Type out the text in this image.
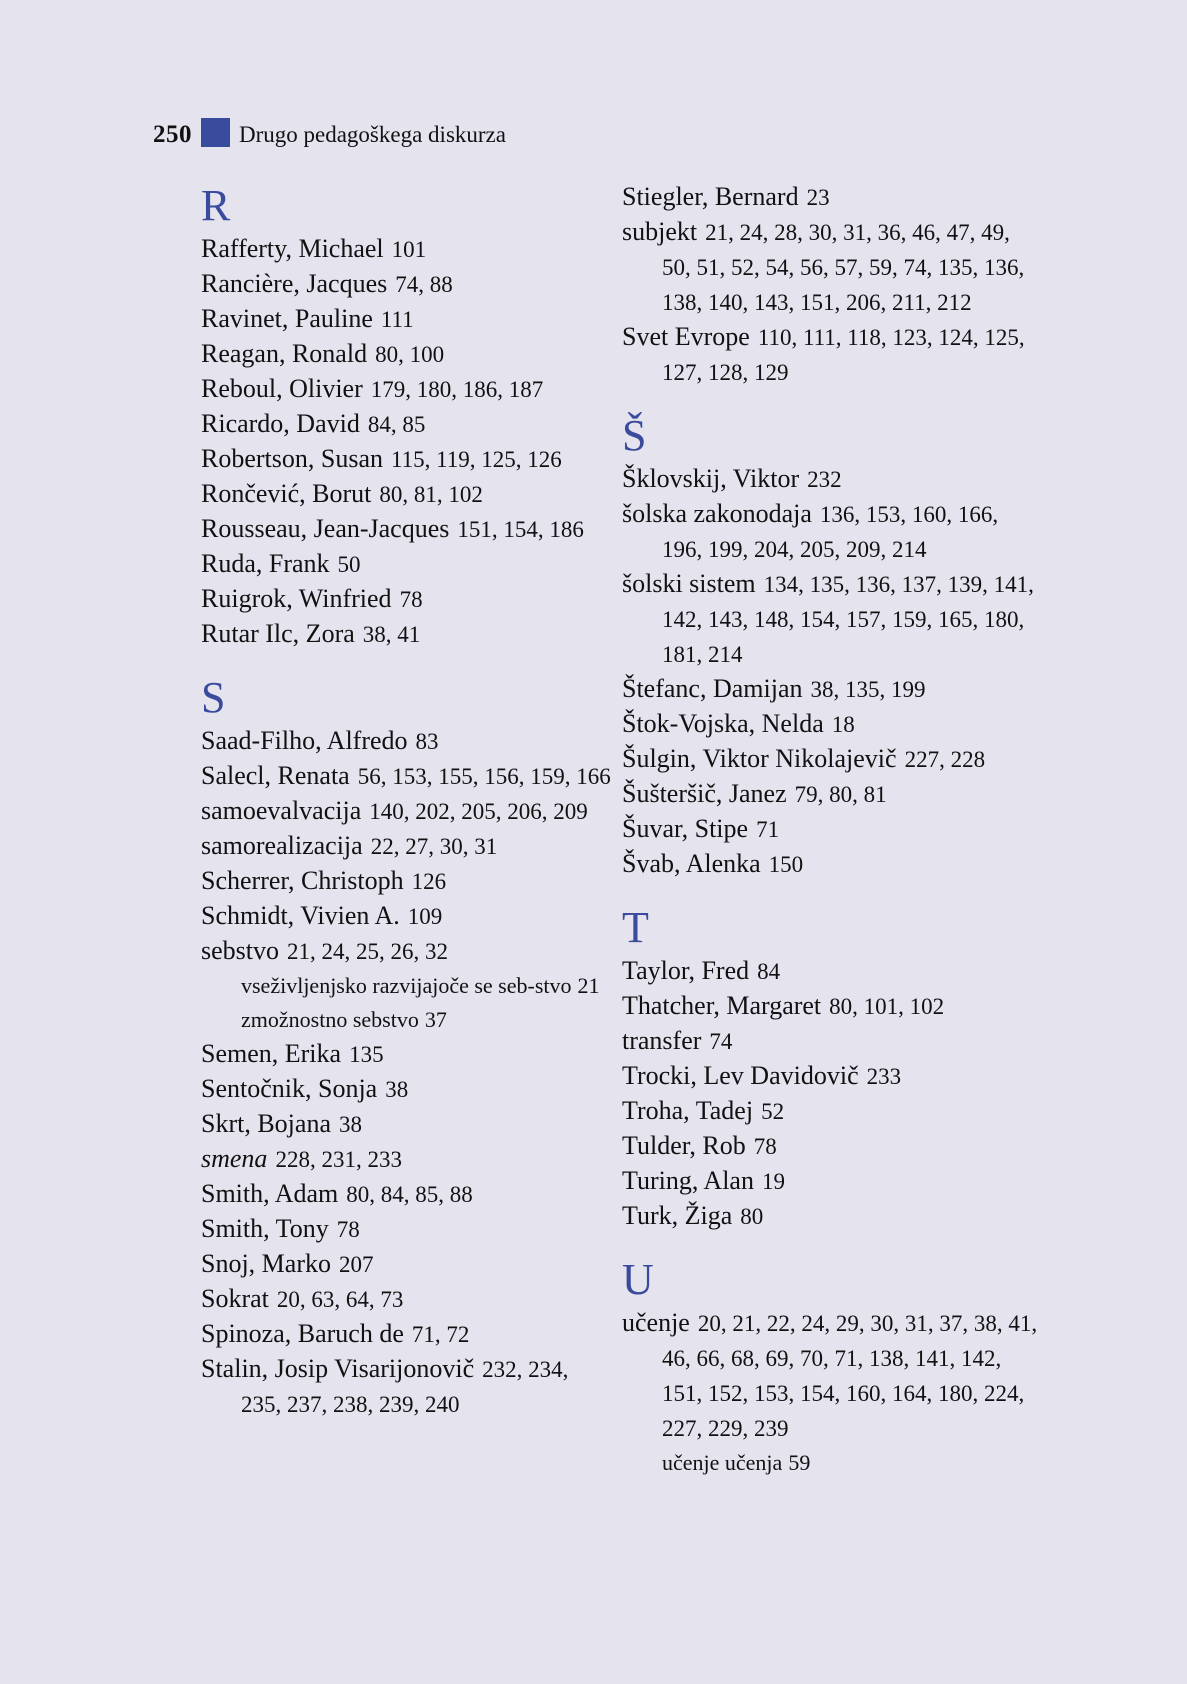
250 Drugo pedagoškega diskurza
R
Rafferty, Michael 101
Rancière, Jacques 74, 88
Ravinet, Pauline 111
Reagan, Ronald 80, 100
Reboul, Olivier 179, 180, 186, 187
Ricardo, David 84, 85
Robertson, Susan 115, 119, 125, 126
Rončević, Borut 80, 81, 102
Rousseau, Jean-Jacques 151, 154, 186
Ruda, Frank 50
Ruigrok, Winfried 78
Rutar Ilc, Zora 38, 41
S
Saad-Filho, Alfredo 83
Salecl, Renata 56, 153, 155, 156, 159, 166
samoevalvacija 140, 202, 205, 206, 209
samorealizacija 22, 27, 30, 31
Scherrer, Christoph 126
Schmidt, Vivien A. 109
sebstvo 21, 24, 25, 26, 32
vseživljenjsko razvijajoče se seb-stvo 21
zmožnostno sebstvo 37
Semen, Erika 135
Sentočnik, Sonja 38
Skrt, Bojana 38
smena 228, 231, 233
Smith, Adam 80, 84, 85, 88
Smith, Tony 78
Snoj, Marko 207
Sokrat 20, 63, 64, 73
Spinoza, Baruch de 71, 72
Stalin, Josip Visarijonovič 232, 234, 235, 237, 238, 239, 240
Stiegler, Bernard 23
subjekt 21, 24, 28, 30, 31, 36, 46, 47, 49, 50, 51, 52, 54, 56, 57, 59, 74, 135, 136, 138, 140, 143, 151, 206, 211, 212
Svet Evrope 110, 111, 118, 123, 124, 125, 127, 128, 129
Š
Šklovskij, Viktor 232
šolska zakonodaja 136, 153, 160, 166, 196, 199, 204, 205, 209, 214
šolski sistem 134, 135, 136, 137, 139, 141, 142, 143, 148, 154, 157, 159, 165, 180, 181, 214
Štefanc, Damijan 38, 135, 199
Štok-Vojska, Nelda 18
Šulgin, Viktor Nikolajevič 227, 228
Šušteršič, Janez 79, 80, 81
Šuvar, Stipe 71
Švab, Alenka 150
T
Taylor, Fred 84
Thatcher, Margaret 80, 101, 102
transfer 74
Trocki, Lev Davidovič 233
Troha, Tadej 52
Tulder, Rob 78
Turing, Alan 19
Turk, Žiga 80
U
učenje 20, 21, 22, 24, 29, 30, 31, 37, 38, 41, 46, 66, 68, 69, 70, 71, 138, 141, 142, 151, 152, 153, 154, 160, 164, 180, 224, 227, 229, 239
učenje učenja 59
